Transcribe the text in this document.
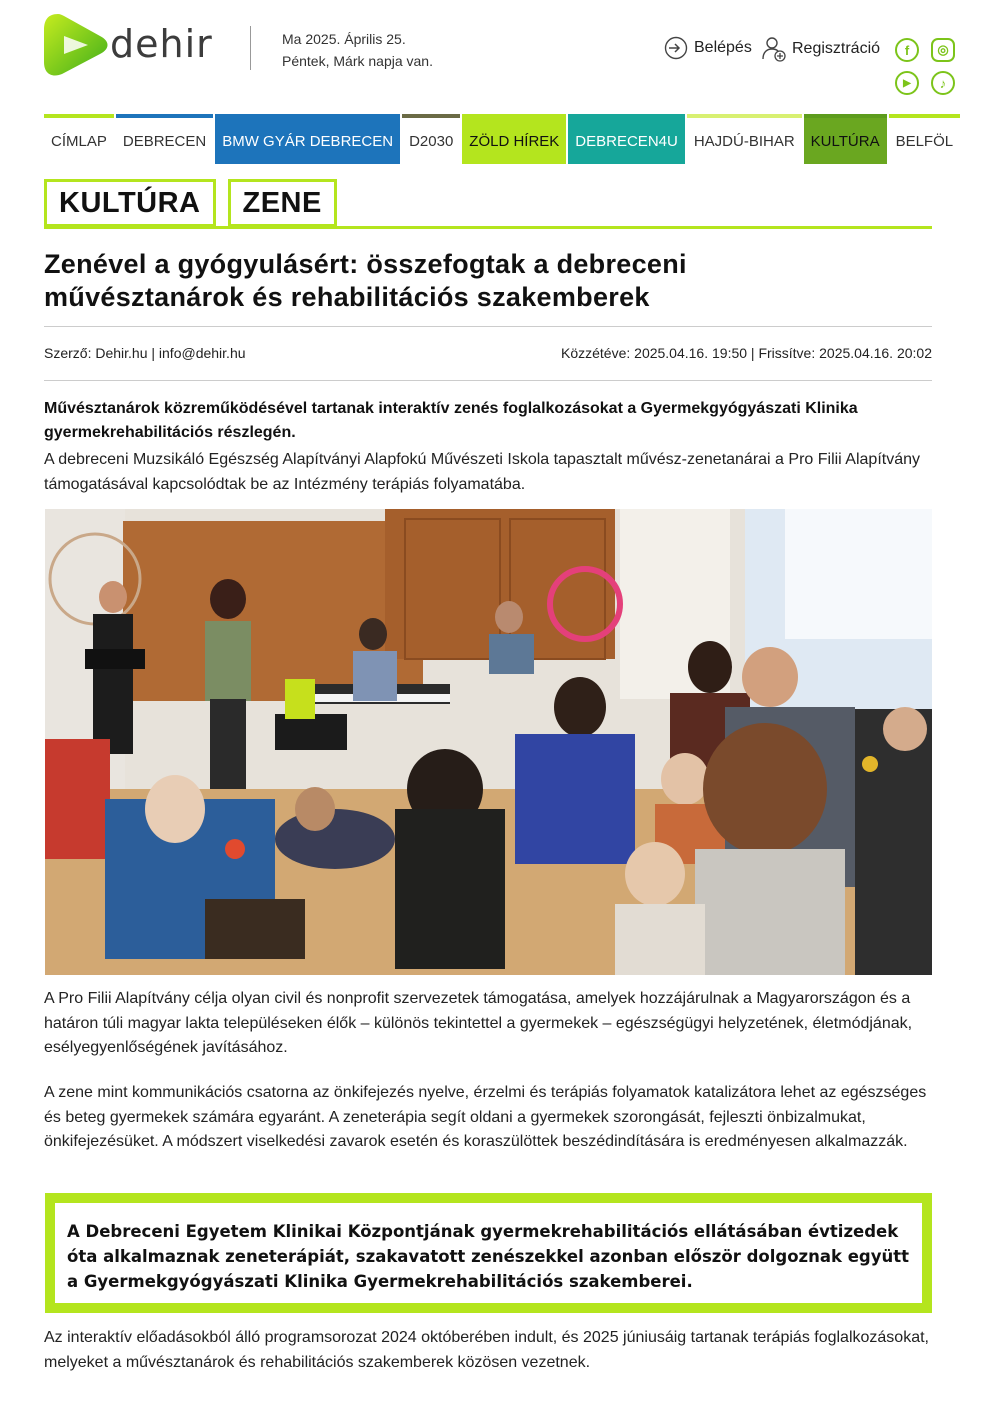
dehir	Ma 2025. Április 25.
Péntek, Márk napja van.
Belépés	Regisztráció	f	◎
▶	♪
CÍMLAP	DEBRECEN	BMW GYÁR DEBRECEN	D2030	ZÖLD HÍREK	DEBRECEN4U	HAJDÚ-BIHAR	KULTÚRA	BELFÖL
KULTÚRA	ZENE
Zenével a gyógyulásért: összefogtak a debreceni művésztanárok és rehabilitációs szakemberek
Szerző: Dehir.hu | info@dehir.hu	Közzétéve: 2025.04.16. 19:50 | Frissítve: 2025.04.16. 20:02
Művésztanárok közreműködésével tartanak interaktív zenés foglalkozásokat a Gyermekgyógyászati Klinika gyermekrehabilitációs részlegén.
A debreceni Muzsikáló Egészség Alapítványi Alapfokú Művészeti Iskola tapasztalt művész-zenetanárai a Pro Filii Alapítvány támogatásával kapcsolódtak be az Intézmény terápiás folyamatába.
A Pro Filii Alapítvány célja olyan civil és nonprofit szervezetek támogatása, amelyek hozzájárulnak a Magyarországon és a határon túli magyar lakta településeken élők – különös tekintettel a gyermekek – egészségügyi helyzetének, életmódjának, esélyegyenlőségének javításához.
A zene mint kommunikációs csatorna az önkifejezés nyelve, érzelmi és terápiás folyamatok katalizátora lehet az egészséges és beteg gyermekek számára egyaránt. A zeneterápia segít oldani a gyermekek szorongását, fejleszti önbizalmukat, önkifejezésüket. A módszert viselkedési zavarok esetén és koraszülöttek beszédindítására is eredményesen alkalmazzák.
A Debreceni Egyetem Klinikai Központjának gyermekrehabilitációs ellátásában évtizedek óta alkalmaznak zeneterápiát, szakavatott zenészekkel azonban először dolgoznak együtt a Gyermekgyógyászati Klinika Gyermekrehabilitációs szakemberei.
Az interaktív előadásokból álló programsorozat 2024 októberében indult, és 2025 júniusáig tartanak terápiás foglalkozásokat, melyeket a művésztanárok és rehabilitációs szakemberek közösen vezetnek.
